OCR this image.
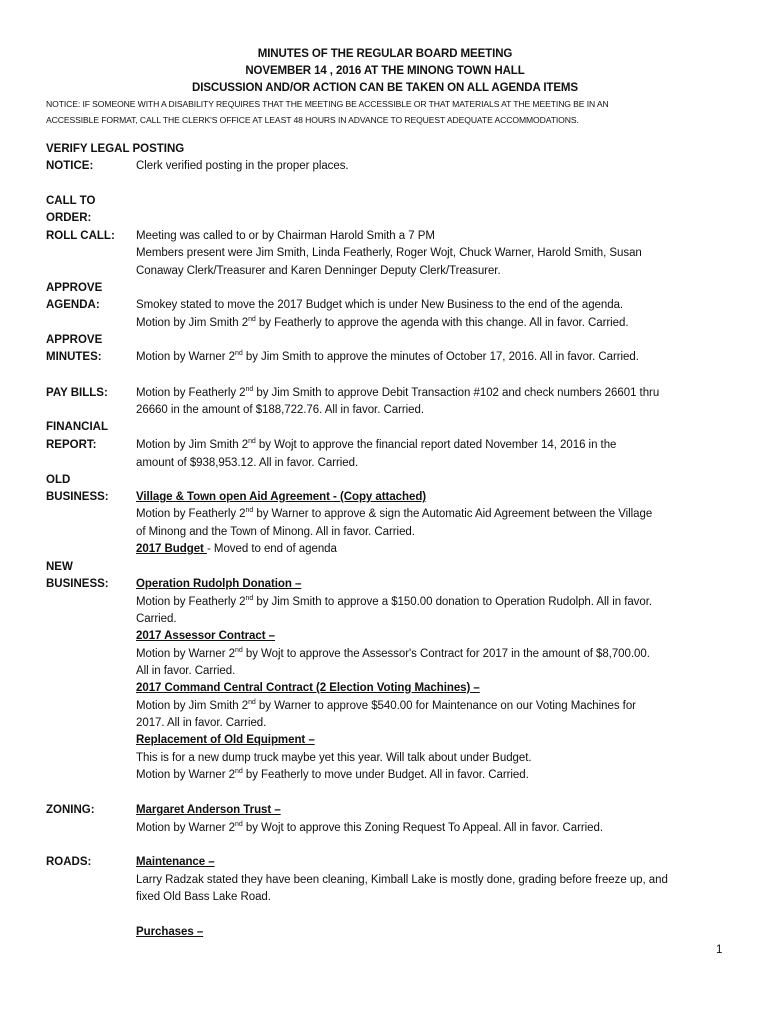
MINUTES OF THE REGULAR BOARD MEETING
NOVEMBER 14 , 2016 AT THE MINONG TOWN HALL
DISCUSSION AND/OR ACTION CAN BE TAKEN ON ALL AGENDA ITEMS
NOTICE: IF SOMEONE WITH A DISABILITY REQUIRES THAT THE MEETING BE ACCESSIBLE OR THAT MATERIALS AT THE MEETING BE IN AN
ACCESSIBLE FORMAT, CALL THE CLERK'S OFFICE AT LEAST 48 HOURS IN ADVANCE TO REQUEST ADEQUATE ACCOMMODATIONS.
VERIFY LEGAL POSTING
NOTICE:	Clerk verified posting in the proper places.
CALL TO
ORDER:
ROLL CALL: Meeting was called to or by Chairman Harold Smith a 7 PM
Members present were Jim Smith, Linda Featherly, Roger Wojt, Chuck Warner, Harold Smith, Susan
Conaway Clerk/Treasurer and Karen Denninger Deputy Clerk/Treasurer.
APPROVE
AGENDA:	Smokey stated to move the 2017 Budget which is under New Business to the end of the agenda.
Motion by Jim Smith 2nd by Featherly to approve the agenda with this change. All in favor. Carried.
APPROVE
MINUTES:	Motion by Warner 2nd by Jim Smith to approve the minutes of October 17, 2016. All in favor. Carried.
PAY BILLS: Motion by Featherly 2nd by Jim Smith to approve Debit Transaction #102 and check numbers 26601 thru
26660 in the amount of $188,722.76. All in favor. Carried.
FINANCIAL
REPORT:	Motion by Jim Smith 2nd by Wojt to approve the financial report dated November 14, 2016 in the
amount of $938,953.12. All in favor. Carried.
OLD
BUSINESS: Village & Town open Aid Agreement - (Copy attached)
Motion by Featherly 2nd by Warner to approve & sign the Automatic Aid Agreement between the Village
of Minong and the Town of Minong. All in favor. Carried.
2017 Budget - Moved to end of agenda
NEW
BUSINESS: Operation Rudolph Donation –
Motion by Featherly 2nd by Jim Smith to approve a $150.00 donation to Operation Rudolph. All in favor.
Carried.
2017 Assessor Contract –
Motion by Warner 2nd by Wojt to approve the Assessor's Contract for 2017 in the amount of $8,700.00.
All in favor. Carried.
2017 Command Central Contract (2 Election Voting Machines) –
Motion by Jim Smith 2nd by Warner to approve $540.00 for Maintenance on our Voting Machines for
2017. All in favor. Carried.
Replacement of Old Equipment –
This is for a new dump truck maybe yet this year. Will talk about under Budget.
Motion by Warner 2nd by Featherly to move under Budget. All in favor. Carried.
ZONING:	Margaret Anderson Trust –
Motion by Warner 2nd by Wojt to approve this Zoning Request To Appeal. All in favor. Carried.
ROADS:	Maintenance –
Larry Radzak stated they have been cleaning, Kimball Lake is mostly done, grading before freeze up, and
fixed Old Bass Lake Road.
Purchases –
1
